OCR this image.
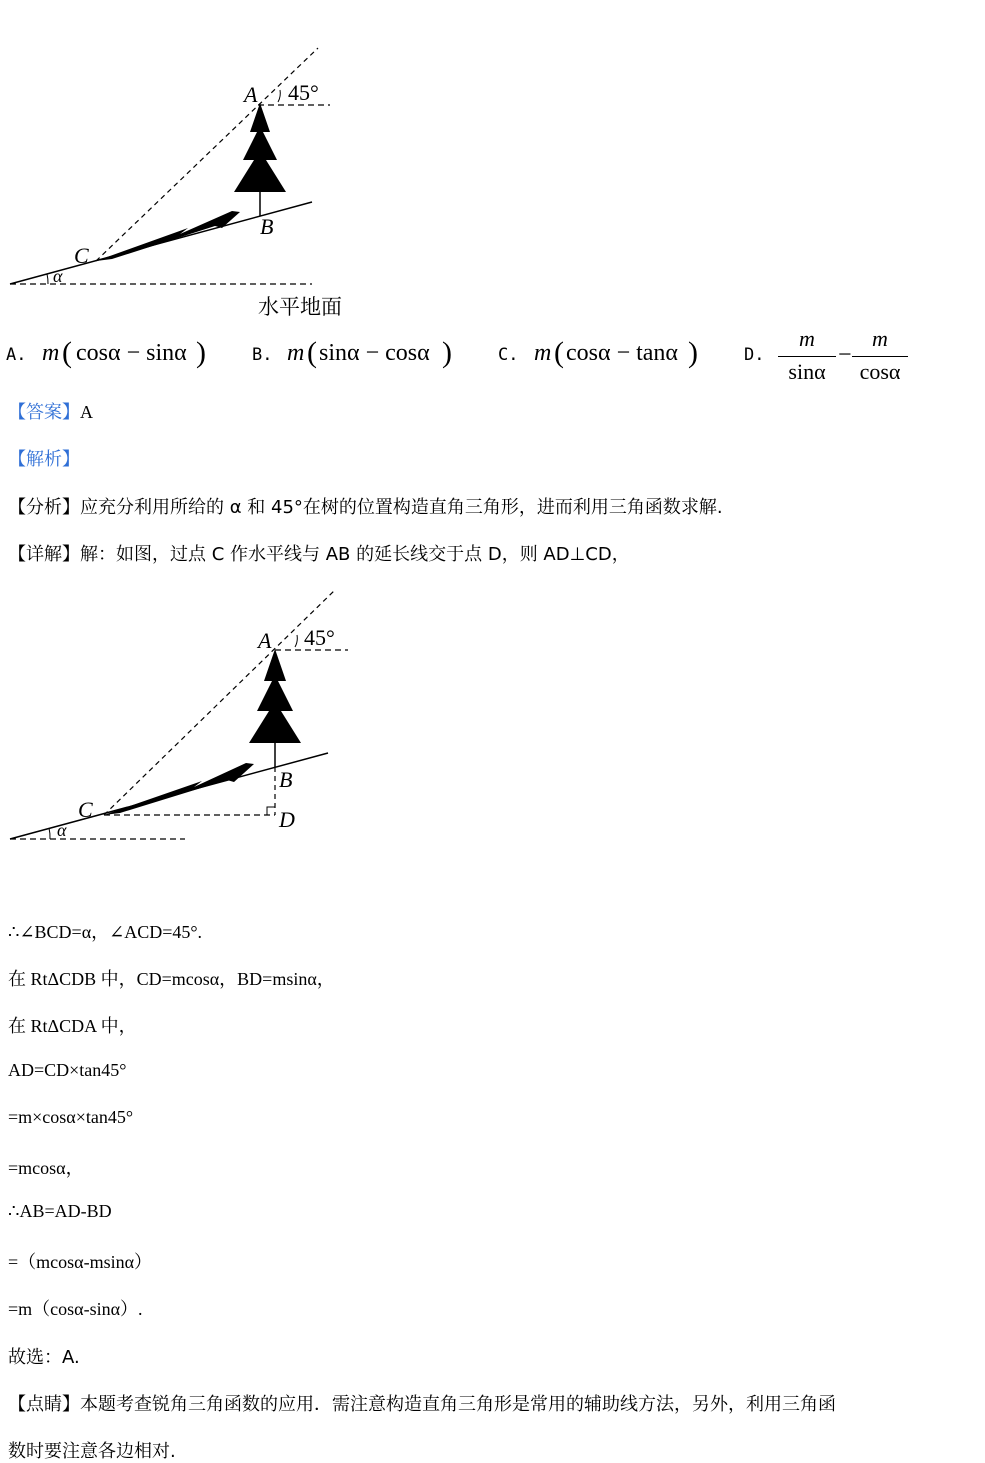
A 45°
B
C
α
水平地面
A. m ( cosα − sinα )	B. m ( sinα − cosα )	C. m ( cosα − tanα )	D.
m
sinα
−
m
cosα
【答案】A
【解析】
【分析】应充分利用所给的 α 和 45°在树的位置构造直角三角形，进而利用三角函数求解.
【详解】解：如图，过点 C 作水平线与 AB 的延长线交于点 D，则 AD⊥CD，
A 45°
B
C	D
α
∴∠BCD=α，∠ACD=45°.
在 RtΔCDB 中，CD=mcosα，BD=msinα，
在 RtΔCDA 中，
AD=CD×tan45°
=m×cosα×tan45°
=mcosα，
∴AB=AD-BD
=（mcosα-msinα）
=m（cosα-sinα）.
故选：A.
【点睛】本题考查锐角三角函数的应用．需注意构造直角三角形是常用的辅助线方法，另外，利用三角函
数时要注意各边相对.
